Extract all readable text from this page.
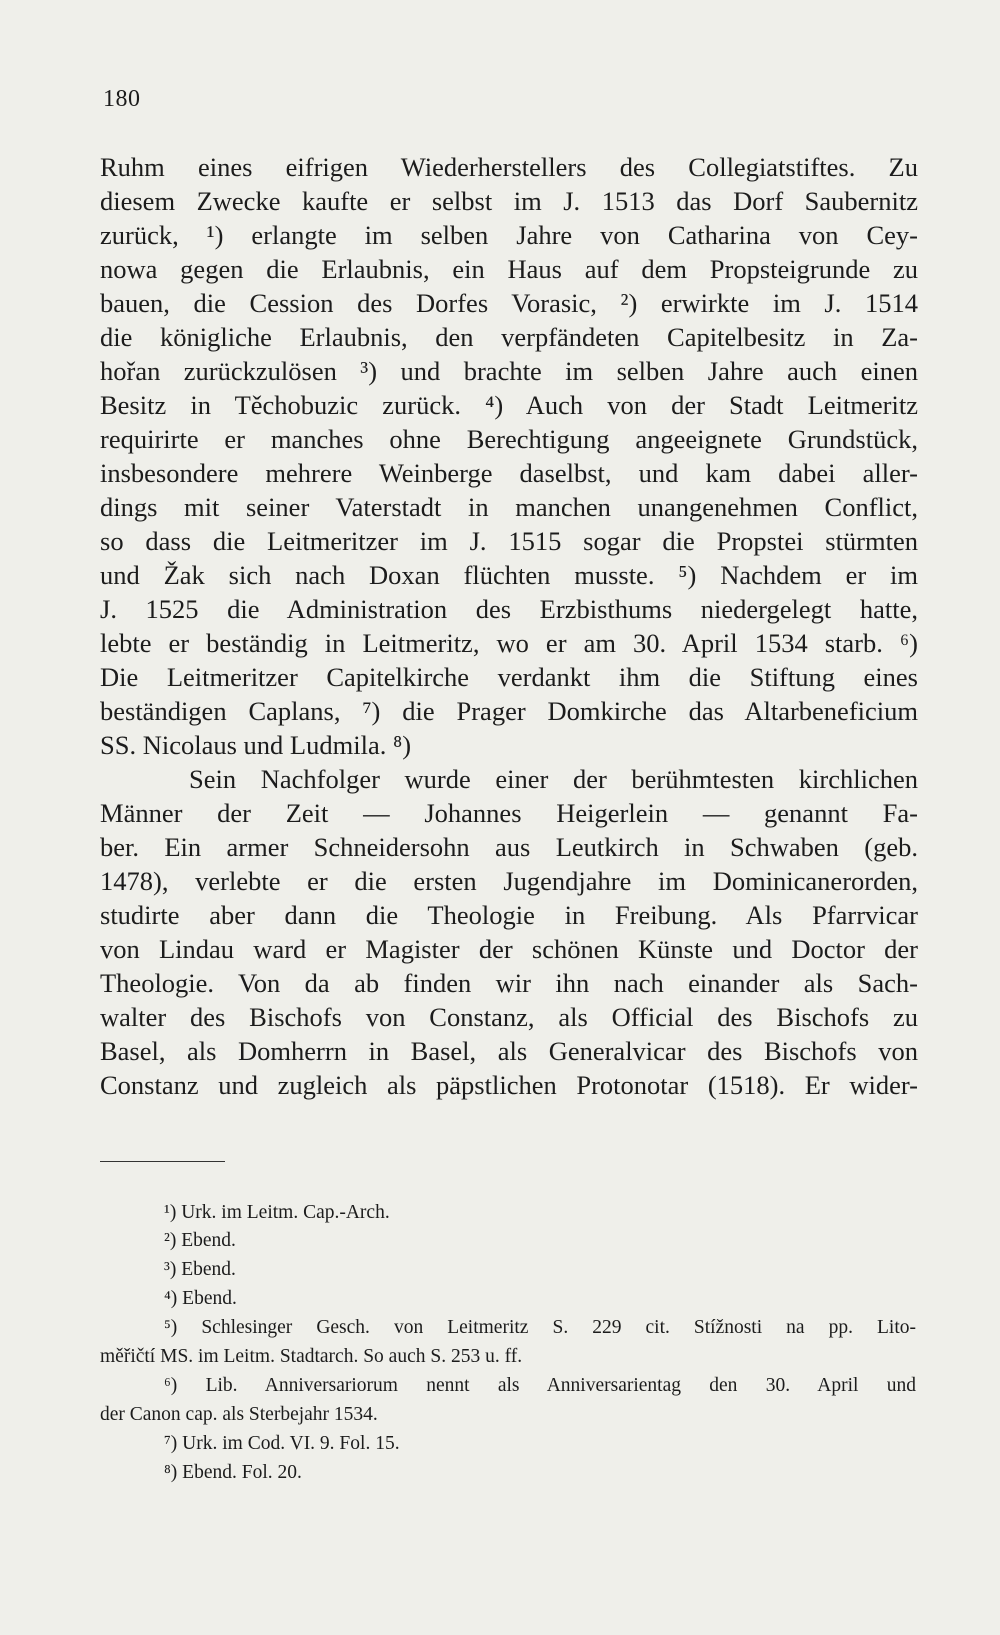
180
Ruhm eines eifrigen Wiederherstellers des Collegiatstiftes. Zu
diesem Zwecke kaufte er selbst im J. 1513 das Dorf Saubernitz
zurück, ¹) erlangte im selben Jahre von Catharina von Cey-
nowa gegen die Erlaubnis, ein Haus auf dem Propsteigrunde zu
bauen, die Cession des Dorfes Vorasic, ²) erwirkte im J. 1514
die königliche Erlaubnis, den verpfändeten Capitelbesitz in Za-
hořan zurückzulösen ³) und brachte im selben Jahre auch einen
Besitz in Těchobuzic zurück. ⁴) Auch von der Stadt Leitmeritz
requirirte er manches ohne Berechtigung angeeignete Grundstück,
insbesondere mehrere Weinberge daselbst, und kam dabei aller-
dings mit seiner Vaterstadt in manchen unangenehmen Conflict,
so dass die Leitmeritzer im J. 1515 sogar die Propstei stürmten
und Žak sich nach Doxan flüchten musste. ⁵) Nachdem er im
J. 1525 die Administration des Erzbisthums niedergelegt hatte,
lebte er beständig in Leitmeritz, wo er am 30. April 1534 starb. ⁶)
Die Leitmeritzer Capitelkirche verdankt ihm die Stiftung eines
beständigen Caplans, ⁷) die Prager Domkirche das Altarbeneficium
SS. Nicolaus und Ludmila. ⁸)
Sein Nachfolger wurde einer der berühmtesten kirchlichen
Männer der Zeit — Johannes Heigerlein — genannt Fa-
ber. Ein armer Schneidersohn aus Leutkirch in Schwaben (geb.
1478), verlebte er die ersten Jugendjahre im Dominicanerorden,
studirte aber dann die Theologie in Freibung. Als Pfarrvicar
von Lindau ward er Magister der schönen Künste und Doctor der
Theologie. Von da ab finden wir ihn nach einander als Sach-
walter des Bischofs von Constanz, als Official des Bischofs zu
Basel, als Domherrn in Basel, als Generalvicar des Bischofs von
Constanz und zugleich als päpstlichen Protonotar (1518). Er wider-
¹) Urk. im Leitm. Cap.-Arch.
²) Ebend.
³) Ebend.
⁴) Ebend.
⁵) Schlesinger Gesch. von Leitmeritz S. 229 cit. Stížnosti na pp. Lito-
měřičtí MS. im Leitm. Stadtarch. So auch S. 253 u. ff.
⁶) Lib. Anniversariorum nennt als Anniversarientag den 30. April und
der Canon cap. als Sterbejahr 1534.
⁷) Urk. im Cod. VI. 9. Fol. 15.
⁸) Ebend. Fol. 20.
